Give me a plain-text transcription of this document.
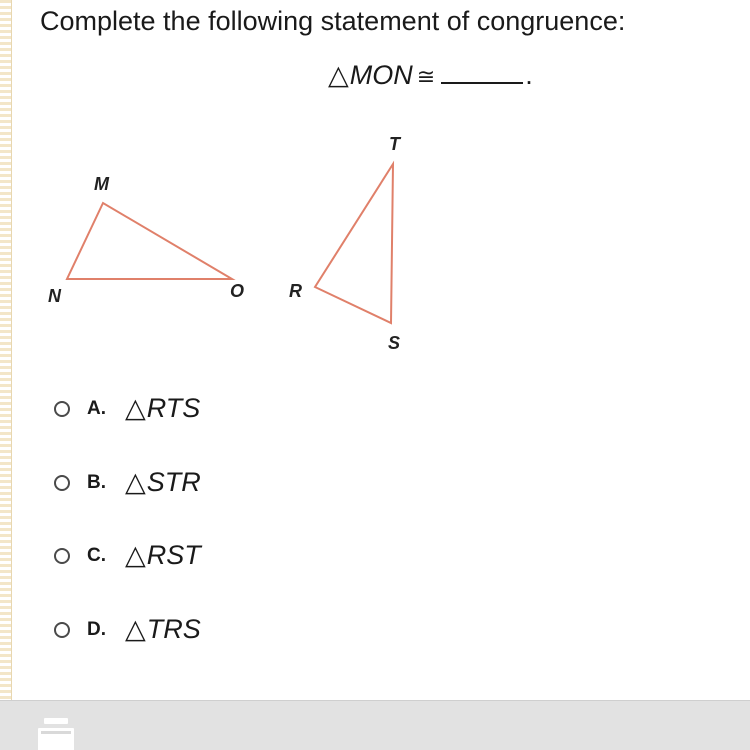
Complete the following statement of congruence:
△ MON ≅	.
M
N	O
T
R
S
A. △ RTS
B. △ STR
C. △ RST
D. △ TRS
